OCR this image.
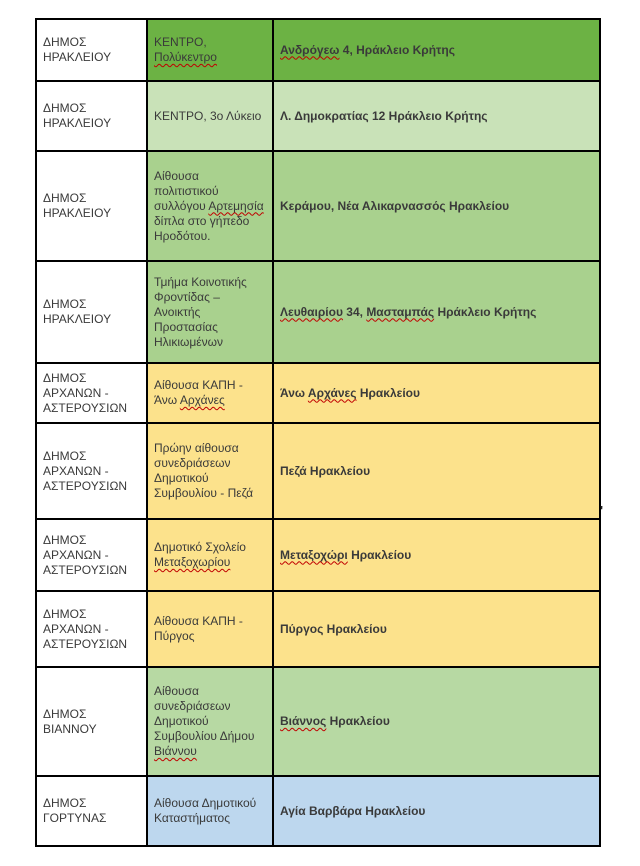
ΔΗΜΟΣ ΗΡΑΚΛΕΙΟΥ	ΚΕΝΤΡΟ, Πολύκεντρο	Ανδρόγεω 4, Ηράκλειο Κρήτης
ΔΗΜΟΣ ΗΡΑΚΛΕΙΟΥ	ΚΕΝΤΡΟ, 3ο Λύκειο	Λ. Δημοκρατίας 12 Ηράκλειο Κρήτης
ΔΗΜΟΣ ΗΡΑΚΛΕΙΟΥ	Αίθουσα πολιτιστικού συλλόγου Αρτεμησία δίπλα στο γήπεδο Ηροδότου.	Κεράμου, Νέα Αλικαρνασσός Ηρακλείου
ΔΗΜΟΣ ΗΡΑΚΛΕΙΟΥ	Τμήμα Κοινοτικής Φροντίδας – Ανοικτής Προστασίας Ηλικιωμένων	Λευθαιρίου 34, Μασταμπάς Ηράκλειο Κρήτης
ΔΗΜΟΣ ΑΡΧΑΝΩΝ - ΑΣΤΕΡΟΥΣΙΩΝ	Αίθουσα ΚΑΠΗ - Άνω Αρχάνες	Άνω Αρχάνες Ηρακλείου
ΔΗΜΟΣ ΑΡΧΑΝΩΝ - ΑΣΤΕΡΟΥΣΙΩΝ	Πρώην αίθουσα συνεδριάσεων Δημοτικού Συμβουλίου - Πεζά	Πεζά Ηρακλείου
ΔΗΜΟΣ ΑΡΧΑΝΩΝ - ΑΣΤΕΡΟΥΣΙΩΝ	Δημοτικό Σχολείο Μεταξοχωρίου	Μεταξοχώρι Ηρακλείου
ΔΗΜΟΣ ΑΡΧΑΝΩΝ - ΑΣΤΕΡΟΥΣΙΩΝ	Αίθουσα ΚΑΠΗ - Πύργος	Πύργος Ηρακλείου
ΔΗΜΟΣ ΒΙΑΝΝΟΥ	Αίθουσα συνεδριάσεων Δημοτικού Συμβουλίου Δήμου Βιάννου	Βιάννος Ηρακλείου
ΔΗΜΟΣ ΓΟΡΤΥΝΑΣ	Αίθουσα Δημοτικού Καταστήματος	Αγία Βαρβάρα Ηρακλείου
'
